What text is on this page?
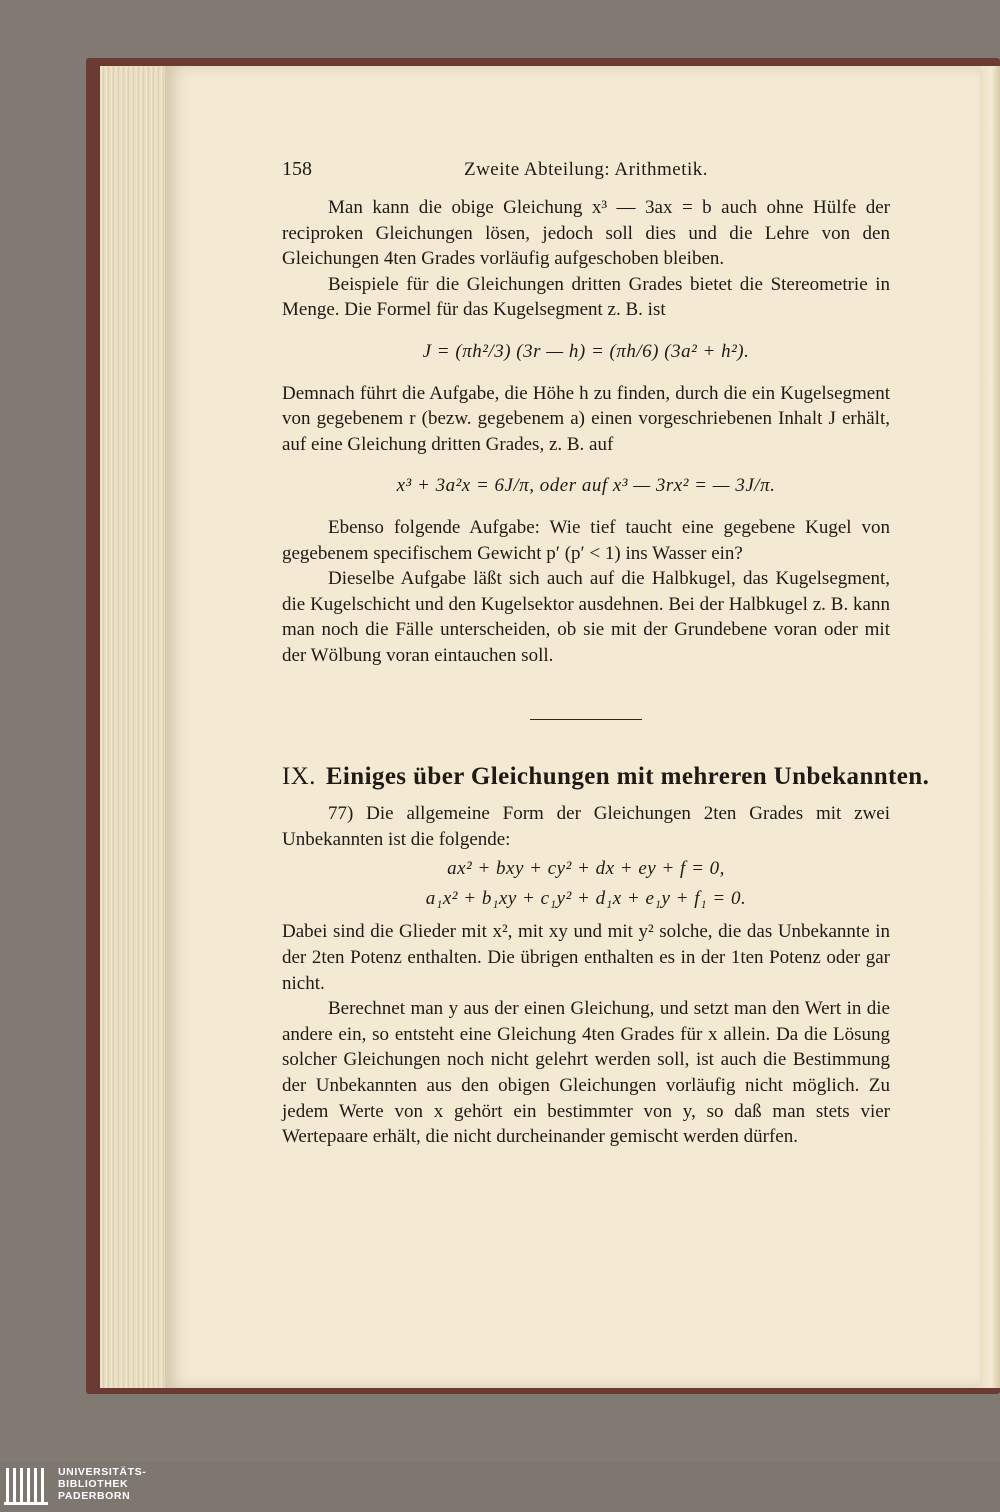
158	Zweite Abteilung: Arithmetik.

Man kann die obige Gleichung x³ — 3ax = b auch ohne Hülfe der reciproken Gleichungen lösen, jedoch soll dies und die Lehre von den Gleichungen 4ten Grades vorläufig aufgeschoben bleiben.

Beispiele für die Gleichungen dritten Grades bietet die Stereometrie in Menge. Die Formel für das Kugelsegment z. B. ist

J = (πh²/3) (3r — h) = (πh/6) (3a² + h²).

Demnach führt die Aufgabe, die Höhe h zu finden, durch die ein Kugelsegment von gegebenem r (bezw. gegebenem a) einen vorgeschriebenen Inhalt J erhält, auf eine Gleichung dritten Grades, z. B. auf

x³ + 3a²x = 6J/π, oder auf x³ — 3rx² = — 3J/π.

Ebenso folgende Aufgabe: Wie tief taucht eine gegebene Kugel von gegebenem specifischem Gewicht p′ (p′ < 1) ins Wasser ein?

Dieselbe Aufgabe läßt sich auch auf die Halbkugel, das Kugelsegment, die Kugelschicht und den Kugelsektor ausdehnen. Bei der Halbkugel z. B. kann man noch die Fälle unterscheiden, ob sie mit der Grundebene voran oder mit der Wölbung voran eintauchen soll.

IX. Einiges über Gleichungen mit mehreren Unbekannten.

77) Die allgemeine Form der Gleichungen 2ten Grades mit zwei Unbekannten ist die folgende:

ax² + bxy + cy² + dx + ey + f = 0,
a₁x² + b₁xy + c₁y² + d₁x + e₁y + f₁ = 0.

Dabei sind die Glieder mit x², mit xy und mit y² solche, die das Unbekannte in der 2ten Potenz enthalten. Die übrigen enthalten es in der 1ten Potenz oder gar nicht.

Berechnet man y aus der einen Gleichung, und setzt man den Wert in die andere ein, so entsteht eine Gleichung 4ten Grades für x allein. Da die Lösung solcher Gleichungen noch nicht gelehrt werden soll, ist auch die Bestimmung der Unbekannten aus den obigen Gleichungen vorläufig nicht möglich. Zu jedem Werte von x gehört ein bestimmter von y, so daß man stets vier Wertepaare erhält, die nicht durcheinander gemischt werden dürfen.

UNIVERSITÄTS-
BIBLIOTHEK
PADERBORN
